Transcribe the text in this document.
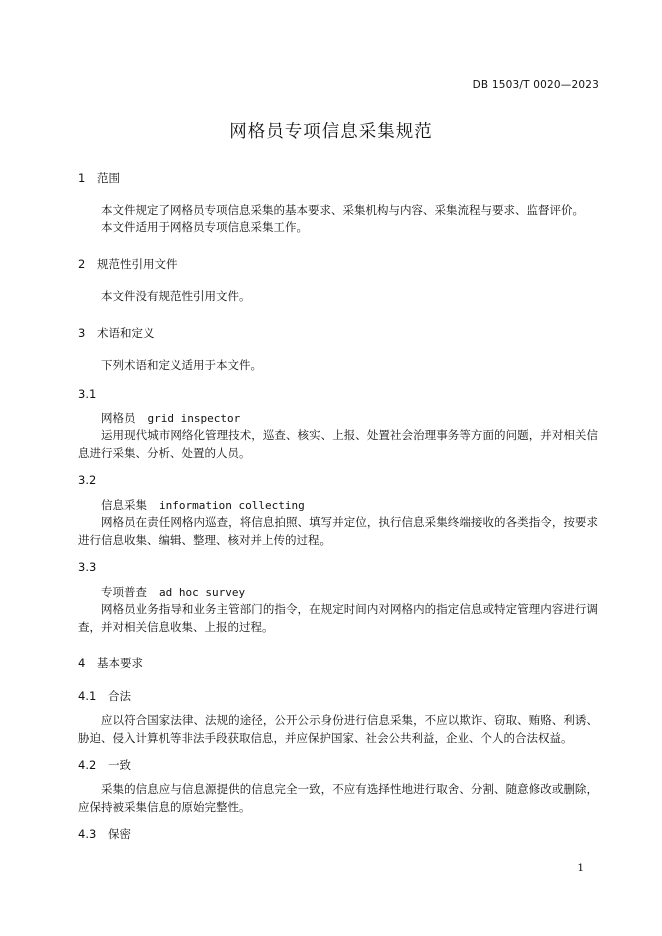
DB 1503/T 0020—2023
网格员专项信息采集规范
1	范围
本文件规定了网格员专项信息采集的基本要求、采集机构与内容、采集流程与要求、监督评价。
本文件适用于网格员专项信息采集工作。
2	规范性引用文件
本文件没有规范性引用文件。
3	术语和定义
下列术语和定义适用于本文件。
3.1
网格员 grid inspector
运用现代城市网络化管理技术，巡查、核实、上报、处置社会治理事务等方面的问题，并对相关信息进行采集、分析、处置的人员。
3.2
信息采集 information collecting
网格员在责任网格内巡查，将信息拍照、填写并定位，执行信息采集终端接收的各类指令，按要求进行信息收集、编辑、整理、核对并上传的过程。
3.3
专项普查 ad hoc survey
网格员业务指导和业务主管部门的指令，在规定时间内对网格内的指定信息或特定管理内容进行调查，并对相关信息收集、上报的过程。
4	基本要求
4.1	合法
应以符合国家法律、法规的途径，公开公示身份进行信息采集，不应以欺诈、窃取、贿赂、利诱、胁迫、侵入计算机等非法手段获取信息，并应保护国家、社会公共利益，企业、个人的合法权益。
4.2	一致
采集的信息应与信息源提供的信息完全一致，不应有选择性地进行取舍、分割、随意修改或删除，应保持被采集信息的原始完整性。
4.3	保密
1
